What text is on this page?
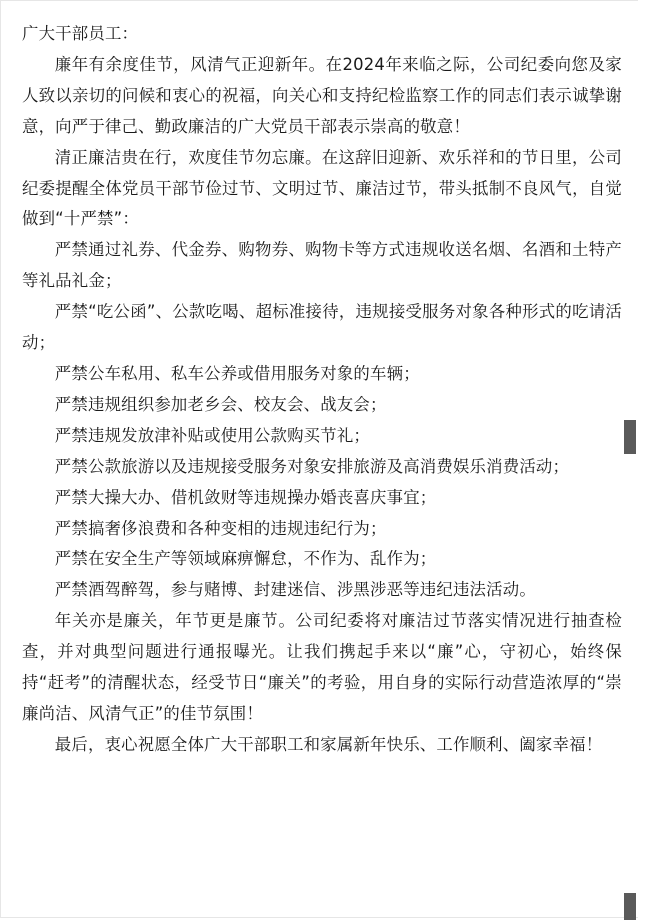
广大干部员工：

廉年有余度佳节，风清气正迎新年。在2024年来临之际，公司纪委向您及家人致以亲切的问候和衷心的祝福，向关心和支持纪检监察工作的同志们表示诚挚谢意，向严于律己、勤政廉洁的广大党员干部表示崇高的敬意！

清正廉洁贵在行，欢度佳节勿忘廉。在这辞旧迎新、欢乐祥和的节日里，公司纪委提醒全体党员干部节俭过节、文明过节、廉洁过节，带头抵制不良风气，自觉做到“十严禁”：

严禁通过礼券、代金券、购物券、购物卡等方式违规收送名烟、名酒和土特产等礼品礼金；

严禁“吃公函”、公款吃喝、超标准接待，违规接受服务对象各种形式的吃请活动；

严禁公车私用、私车公养或借用服务对象的车辆；

严禁违规组织参加老乡会、校友会、战友会；

严禁违规发放津补贴或使用公款购买节礼；

严禁公款旅游以及违规接受服务对象安排旅游及高消费娱乐消费活动；

严禁大操大办、借机敛财等违规操办婚丧喜庆事宜；

严禁搞奢侈浪费和各种变相的违规违纪行为；

严禁在安全生产等领域麻痹懈怠，不作为、乱作为；

严禁酒驾醉驾，参与赌博、封建迷信、涉黑涉恶等违纪违法活动。

年关亦是廉关，年节更是廉节。公司纪委将对廉洁过节落实情况进行抽查检查，并对典型问题进行通报曝光。让我们携起手来以“廉”心，守初心，始终保持“赶考”的清醒状态，经受节日“廉关”的考验，用自身的实际行动营造浓厚的“崇廉尚洁、风清气正”的佳节氛围！

最后，衷心祝愿全体广大干部职工和家属新年快乐、工作顺利、阖家幸福！
